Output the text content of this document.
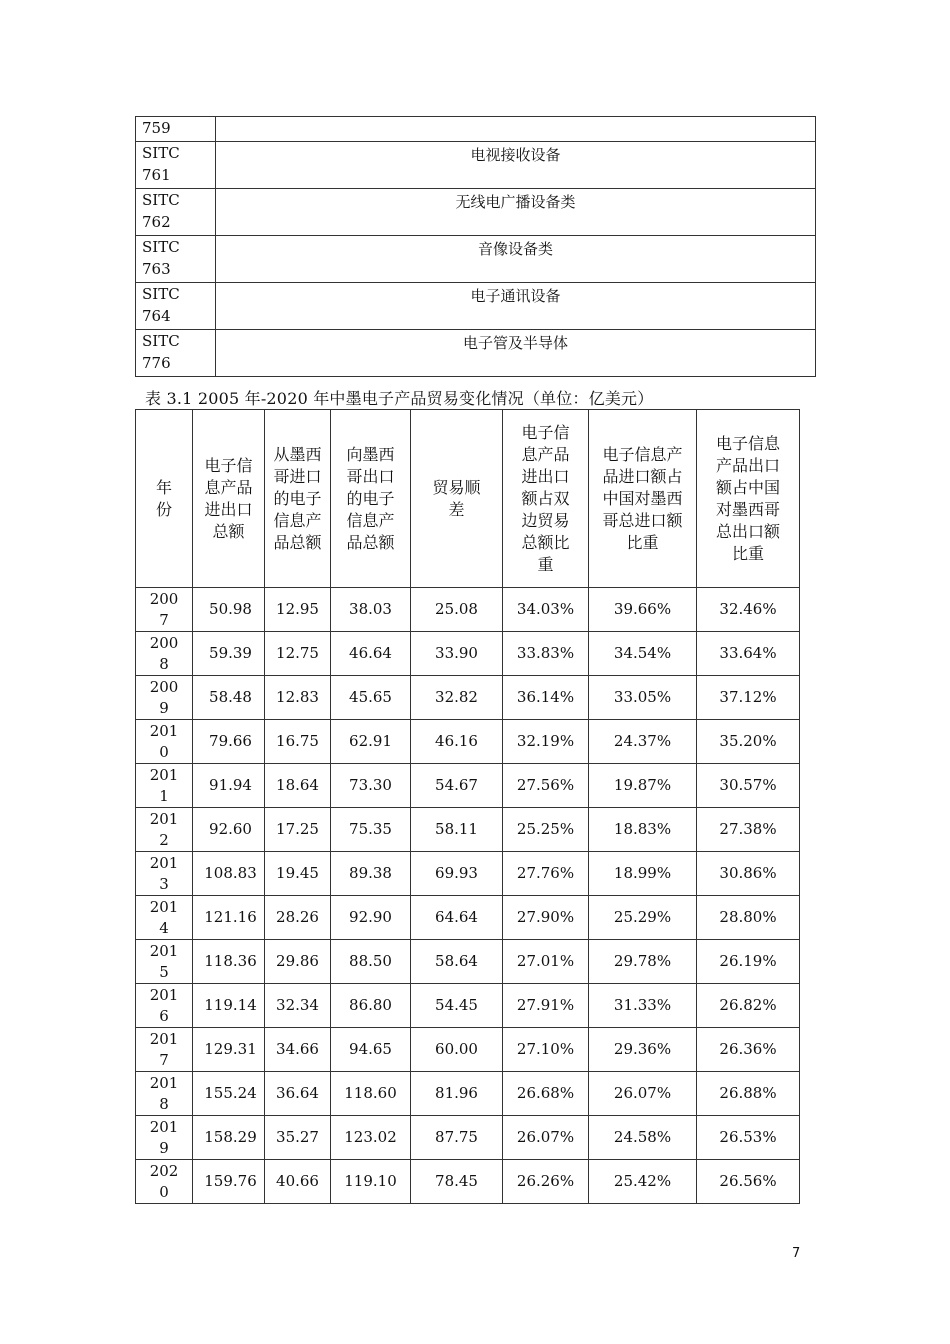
759	
SITC 761	电视接收设备
SITC 762	无线电广播设备类
SITC 763	音像设备类
SITC 764	电子通讯设备
SITC 776	电子管及半导体
表 3.1 2005 年-2020 年中墨电子产品贸易变化情况（单位：亿美元）
年份	电子信息产品进出口总额	从墨西哥进口的电子信息产品总额	向墨西哥出口的电子信息产品总额	贸易顺差	电子信息产品进出口额占双边贸易总额比重	电子信息产品进口额占中国对墨西哥总进口额比重	电子信息产品出口额占中国对墨西哥总出口额比重
2007	50.98	12.95	38.03	25.08	34.03%	39.66%	32.46%
2008	59.39	12.75	46.64	33.90	33.83%	34.54%	33.64%
2009	58.48	12.83	45.65	32.82	36.14%	33.05%	37.12%
2010	79.66	16.75	62.91	46.16	32.19%	24.37%	35.20%
2011	91.94	18.64	73.30	54.67	27.56%	19.87%	30.57%
2012	92.60	17.25	75.35	58.11	25.25%	18.83%	27.38%
2013	108.83	19.45	89.38	69.93	27.76%	18.99%	30.86%
2014	121.16	28.26	92.90	64.64	27.90%	25.29%	28.80%
2015	118.36	29.86	88.50	58.64	27.01%	29.78%	26.19%
2016	119.14	32.34	86.80	54.45	27.91%	31.33%	26.82%
2017	129.31	34.66	94.65	60.00	27.10%	29.36%	26.36%
2018	155.24	36.64	118.60	81.96	26.68%	26.07%	26.88%
2019	158.29	35.27	123.02	87.75	26.07%	24.58%	26.53%
2020	159.76	40.66	119.10	78.45	26.26%	25.42%	26.56%
7
